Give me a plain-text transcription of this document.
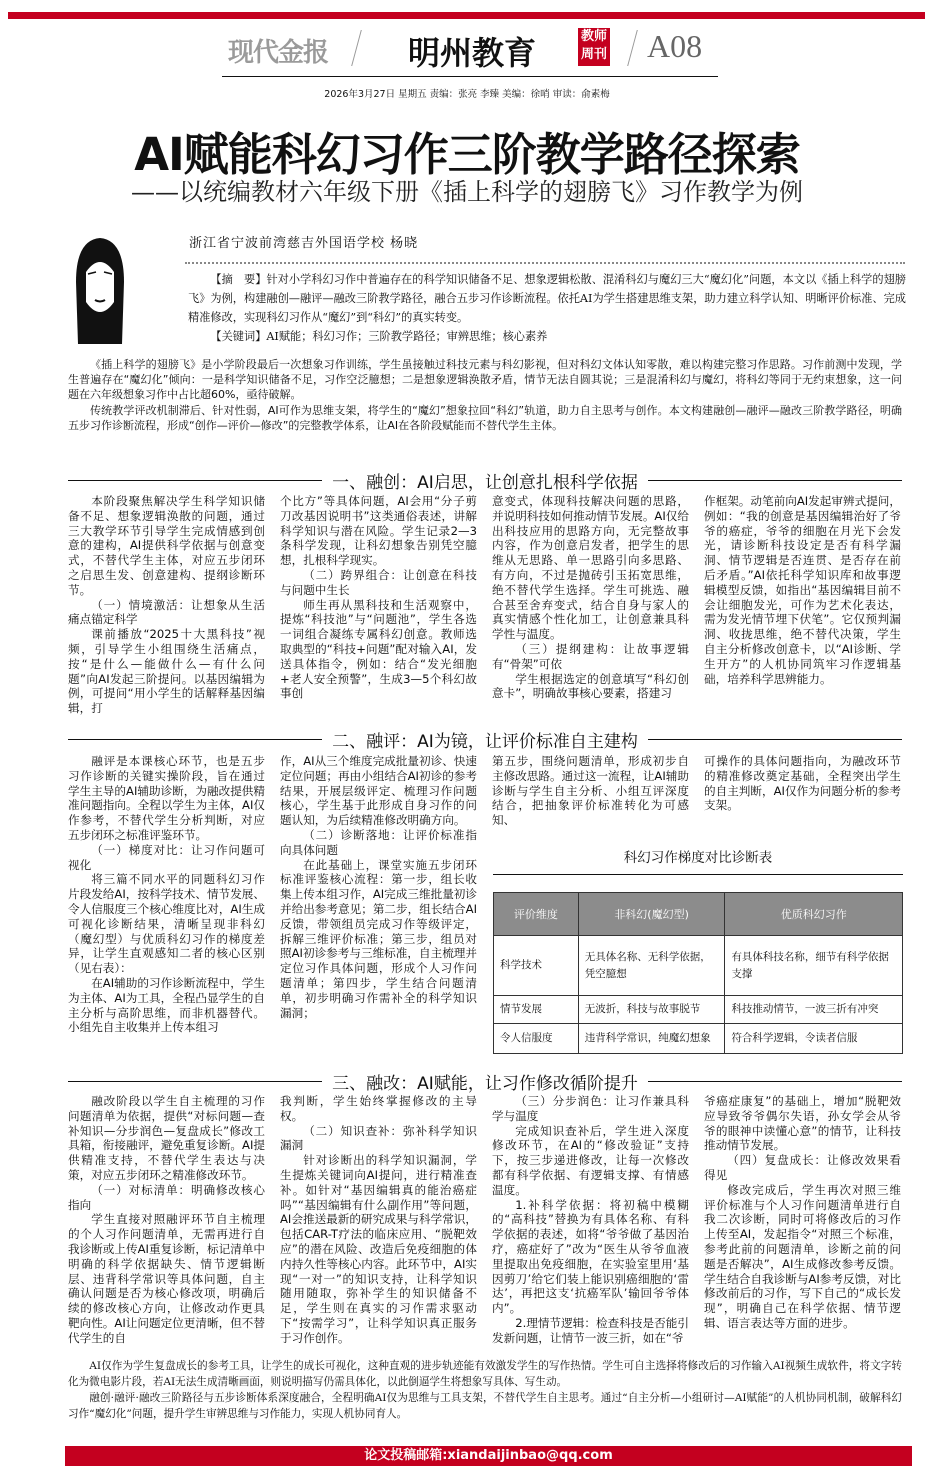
现代金报 明州教育	教师
周刊 A08
2026年3月27日 星期五 责编：张亮 李臻 美编：徐哨 审读：俞素梅
AI赋能科幻习作三阶教学路径探索
——以统编教材六年级下册《插上科学的翅膀飞》习作教学为例
浙江省宁波前湾慈吉外国语学校 杨晓

【摘　要】针对小学科幻习作中普遍存在的科学知识储备不足、想象逻辑松散、混淆科幻与魔幻三大“魔幻化”问题，本文以《插上科学的翅膀飞》为例，构建融创—融评—融改三阶教学路径，融合五步习作诊断流程。依托AI为学生搭建思维支架，助力建立科学认知、明晰评价标准、完成精准修改，实现科幻习作从“魔幻”到“科幻”的真实转变。

【关键词】AI赋能；科幻习作；三阶教学路径；审辨思维；核心素养

《插上科学的翅膀飞》是小学阶段最后一次想象习作训练，学生虽接触过科技元素与科幻影视，但对科幻文体认知零散，难以构建完整习作思路。习作前测中发现，学生普遍存在“魔幻化”倾向：一是科学知识储备不足，习作空泛臆想；二是想象逻辑涣散矛盾，情节无法自圆其说；三是混淆科幻与魔幻，将科幻等同于无约束想象，这一问题在六年级想象习作中占比超60%，亟待破解。

传统教学评改机制滞后、针对性弱，AI可作为思维支架，将学生的“魔幻”想象拉回“科幻”轨道，助力自主思考与创作。本文构建融创—融评—融改三阶教学路径，明确五步习作诊断流程，形成“创作—评价—修改”的完整教学体系，让AI在各阶段赋能而不替代学生主体。

一、融创：AI启思，让创意扎根科学依据

本阶段聚焦解决学生科学知识储备不足、想象逻辑涣散的问题，通过三大教学环节引导学生完成情感到创意的建构，AI提供科学依据与创意变式，不替代学生主体，对应五步闭环之启思生发、创意建构、提纲诊断环节。

（一）情境激活：让想象从生活痛点锚定科学

课前播放“2025十大黑科技”视频，引导学生小组围绕生活痛点，按“是什么—能做什么—有什么问题”向AI发起三阶提问。以基因编辑为例，可提问“用小学生的话解释基因编辑，打

个比方”等具体问题，AI会用“分子剪刀改基因说明书”这类通俗表述，讲解科学知识与潜在风险。学生记录2—3条科学发现，让科幻想象告别凭空臆想，扎根科学现实。

（二）跨界组合：让创意在科技与问题中生长

师生再从黑科技和生活观察中，提炼“科技池”与“问题池”，学生各选一词组合凝练专属科幻创意。教师选取典型的“科技+问题”配对输入AI，发送具体指令，例如：结合“发光细胞+老人安全预警”，生成3—5个科幻故事创

意变式，体现科技解决问题的思路，并说明科技如何推动情节发展。AI仅给出科技应用的思路方向，无完整故事内容，作为创意启发者，把学生的思维从无思路、单一思路引向多思路、有方向，不过是抛砖引玉拓宽思维，绝不替代学生选择。学生可挑选、融合甚至舍弃变式，结合自身与家人的真实情感个性化加工，让创意兼具科学性与温度。

（三）提纲建构：让故事逻辑有“骨架”可依

学生根据选定的创意填写“科幻创意卡”，明确故事核心要素，搭建习

作框架。动笔前向AI发起审辨式提问，例如：“我的创意是基因编辑治好了爷爷的癌症，爷爷的细胞在月光下会发光，请诊断科技设定是否有科学漏洞、情节逻辑是否连贯、是否存在前后矛盾。”AI依托科学知识库和故事逻辑模型反馈，如指出“基因编辑目前不会让细胞发光，可作为艺术化表达，需为发光情节埋下伏笔”。它仅预判漏洞、收拢思维，绝不替代决策，学生自主分析修改创意卡，以“AI诊断、学生开方”的人机协同筑牢习作逻辑基础，培养科学思辨能力。

二、融评：AI为镜，让评价标准自主建构

融评是本课核心环节，也是五步习作诊断的关键实操阶段，旨在通过学生主导的AI辅助诊断，为融改提供精准问题指向。全程以学生为主体，AI仅作参考，不替代学生分析判断，对应五步闭环之标准评鉴环节。

（一）梯度对比：让习作问题可视化

将三篇不同水平的同题科幻习作片段发给AI，按科学技术、情节发展、令人信服度三个核心维度比对，AI生成可视化诊断结果，清晰呈现非科幻（魔幻型）与优质科幻习作的梯度差异，让学生直观感知二者的核心区别（见右表）：

在AI辅助的习作诊断流程中，学生为主体、AI为工具，全程凸显学生的自主分析与高阶思维，而非机器替代。小组先自主收集并上传本组习

作，AI从三个维度完成批量初诊、快速定位问题；再由小组结合AI初诊的参考结果，开展层级评定、梳理习作问题核心，学生基于此形成自身习作的问题认知，为后续精准修改明确方向。

（二）诊断落地：让评价标准指向具体问题

在此基础上，课堂实施五步闭环标准评鉴核心流程：第一步，组长收集上传本组习作，AI完成三维批量初诊并给出参考意见；第二步，组长结合AI反馈，带领组员完成习作等级评定，拆解三维评价标准；第三步，组员对照AI初诊参考与三维标准，自主梳理并定位习作具体问题，形成个人习作问题清单；第四步，学生结合问题清单，初步明确习作需补全的科学知识漏洞；

第五步，围绕问题清单，形成初步自主修改思路。通过这一流程，让AI辅助诊断与学生自主分析、小组互评深度结合，把抽象评价标准转化为可感知、

可操作的具体问题指向，为融改环节的精准修改奠定基础，全程突出学生的自主判断，AI仅作为问题分析的参考支架。

三、融改：AI赋能，让习作修改循阶提升

融改阶段以学生自主梳理的习作问题清单为依据，提供“对标问题—查补知识—分步润色—复盘成长”修改工具箱，衔接融评，避免重复诊断。AI提供精准支持，不替代学生表达与决策，对应五步闭环之精准修改环节。

（一）对标清单：明确修改核心指向

学生直接对照融评环节自主梳理的个人习作问题清单，无需再进行自我诊断或上传AI重复诊断，标记清单中明确的科学依据缺失、情节逻辑断层、违背科学常识等具体问题，自主确认问题是否为核心修改项，明确后续的修改核心方向，让修改动作更具靶向性。AI让问题定位更清晰，但不替代学生的自

我判断，学生始终掌握修改的主导权。

（二）知识查补：弥补科学知识漏洞

针对诊断出的科学知识漏洞，学生提炼关键词向AI提问，进行精准查补。如针对“基因编辑真的能治癌症吗”“基因编辑有什么副作用”等问题，AI会推送最新的研究成果与科学常识，包括CAR-T疗法的临床应用、“脱靶效应”的潜在风险、改造后免疫细胞的体内持久性等核心内容。此环节中，AI实现“一对一”的知识支持，让科学知识随用随取，弥补学生的知识储备不足，学生则在真实的习作需求驱动下“按需学习”，让科学知识真正服务于习作创作。

（三）分步润色：让习作兼具科学与温度

完成知识查补后，学生进入深度修改环节，在AI的“修改验证”支持下，按三步递进修改，让每一次修改都有科学依据、有逻辑支撑、有情感温度。

1.补科学依据：将初稿中模糊的“高科技”替换为有具体名称、有科学依据的表述，如将“爷爷做了基因治疗，癌症好了”改为“医生从爷爷血液里提取出免疫细胞，在实验室里用‘基因剪刀’给它们装上能识别癌细胞的‘雷达’，再把这支‘抗癌军队’输回爷爷体内”。

2.理情节逻辑：检查科技是否能引发新问题，让情节一波三折，如在“爷

爷癌症康复”的基础上，增加“脱靶效应导致爷爷偶尔失语，孙女学会从爷爷的眼神中读懂心意”的情节，让科技推动情节发展。

（四）复盘成长：让修改效果看得见

修改完成后，学生再次对照三维评价标准与个人习作问题清单进行自我二次诊断，同时可将修改后的习作上传至AI，发起指令“对照三个标准，参考此前的问题清单，诊断之前的问题是否解决”，AI生成修改参考反馈。学生结合自我诊断与AI参考反馈，对比修改前后的习作，写下自己的“成长发现”，明确自己在科学依据、情节逻辑、语言表达等方面的进步。

科幻习作梯度对比诊断表
评价维度	非科幻(魔幻型)	优质科幻习作
科学技术	无具体名称、无科学依据，凭空臆想	有具体科技名称，细节有科学依据支撑
情节发展	无波折，科技与故事脱节	科技推动情节，一波三折有冲突
令人信服度	违背科学常识，纯魔幻想象	符合科学逻辑，令读者信服

AI仅作为学生复盘成长的参考工具，让学生的成长可视化，这种直观的进步轨迹能有效激发学生的写作热情。学生可自主选择将修改后的习作输入AI视频生成软件，将文字转化为微电影片段，若AI无法生成清晰画面，则说明描写仍需具体化，以此倒逼学生将想象写具体、写生动。

融创·融评·融改三阶路径与五步诊断体系深度融合，全程明确AI仅为思维与工具支架，不替代学生自主思考。通过“自主分析—小组研讨—AI赋能”的人机协同机制，破解科幻习作“魔幻化”问题，提升学生审辨思维与习作能力，实现人机协同育人。

论文投稿邮箱:xiandaijinbao@qq.com
